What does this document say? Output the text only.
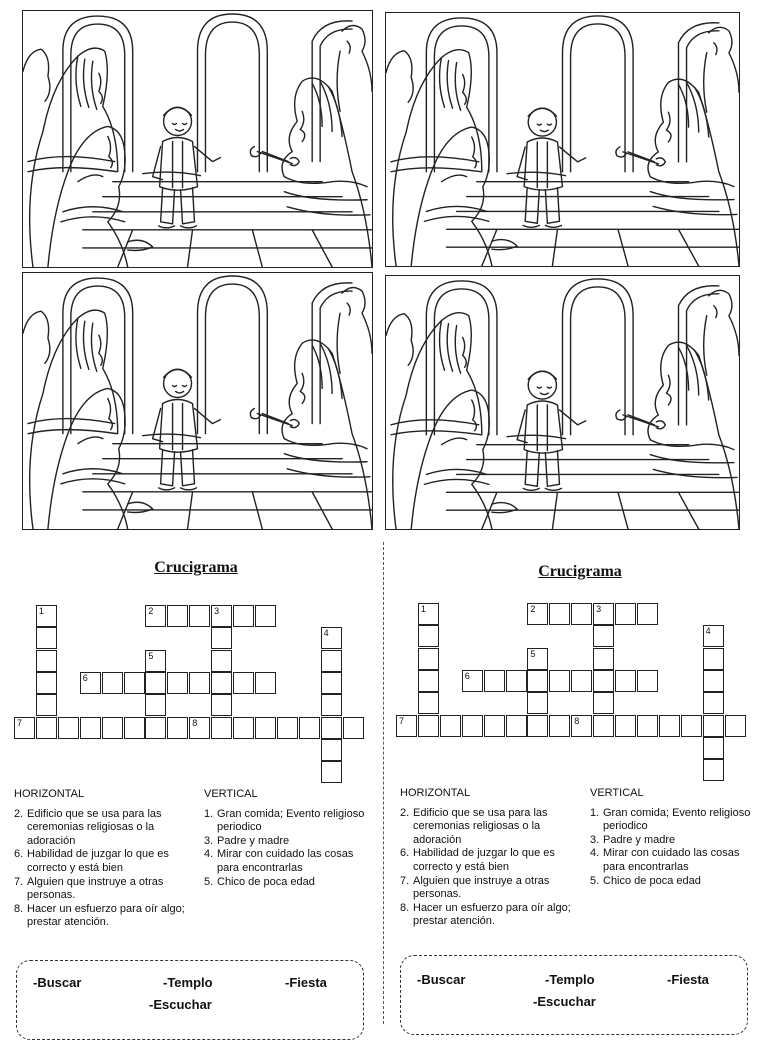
Crucigrama
1	2	3
4
5
6
7	8
HORIZONTAL
2. Edificio que se usa para las ceremonias religiosas o la adoración
6. Habilidad de juzgar lo que es correcto y está bien
7. Alguien que instruye a otras personas.
8. Hacer un esfuerzo para oír algo; prestar atención.
VERTICAL
1. Gran comida; Evento religioso periodico
3. Padre y madre
4. Mirar con cuidado las cosas para encontrarlas
5. Chico de poca edad
-Buscar	-Templo	-Fiesta
-Escuchar
Crucigrama
1	2	3
4
5
6
7	8
HORIZONTAL
2. Edificio que se usa para las ceremonias religiosas o la adoración
6. Habilidad de juzgar lo que es correcto y está bien
7. Alguien que instruye a otras personas.
8. Hacer un esfuerzo para oír algo; prestar atención.
VERTICAL
1. Gran comida; Evento religioso periodico
3. Padre y madre
4. Mirar con cuidado las cosas para encontrarlas
5. Chico de poca edad
-Buscar	-Templo	-Fiesta
-Escuchar
